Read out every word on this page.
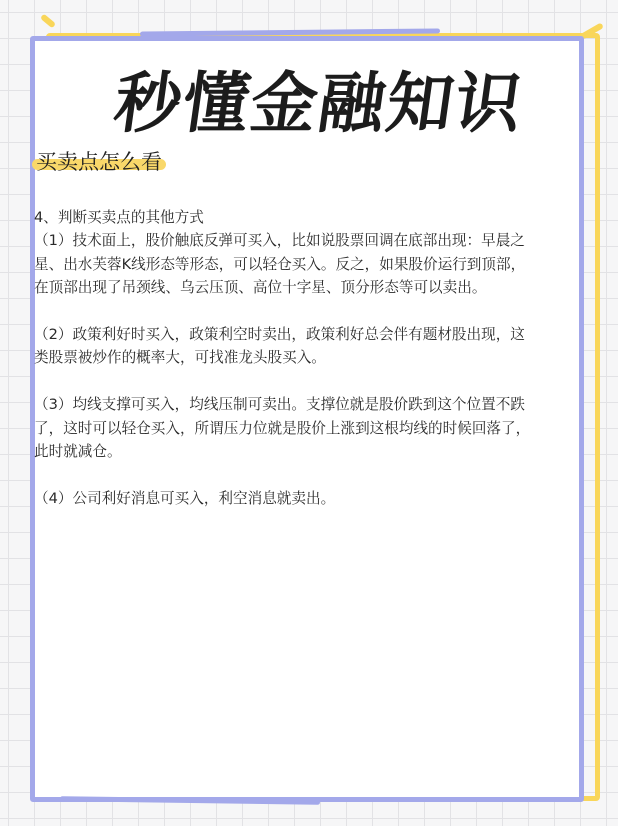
秒懂金融知识
买卖点怎么看

4、判断买卖点的其他方式

（1）技术面上，股价触底反弹可买入，比如说股票回调在底部出现：早晨之星、出水芙蓉K线形态等形态，可以轻仓买入。反之，如果股价运行到顶部，在顶部出现了吊颈线、乌云压顶、高位十字星、顶分形态等可以卖出。

（2）政策利好时买入，政策利空时卖出，政策利好总会伴有题材股出现，这类股票被炒作的概率大，可找准龙头股买入。

（3）均线支撑可买入，均线压制可卖出。支撑位就是股价跌到这个位置不跌了，这时可以轻仓买入，所谓压力位就是股价上涨到这根均线的时候回落了，此时就减仓。

（4）公司利好消息可买入，利空消息就卖出。
